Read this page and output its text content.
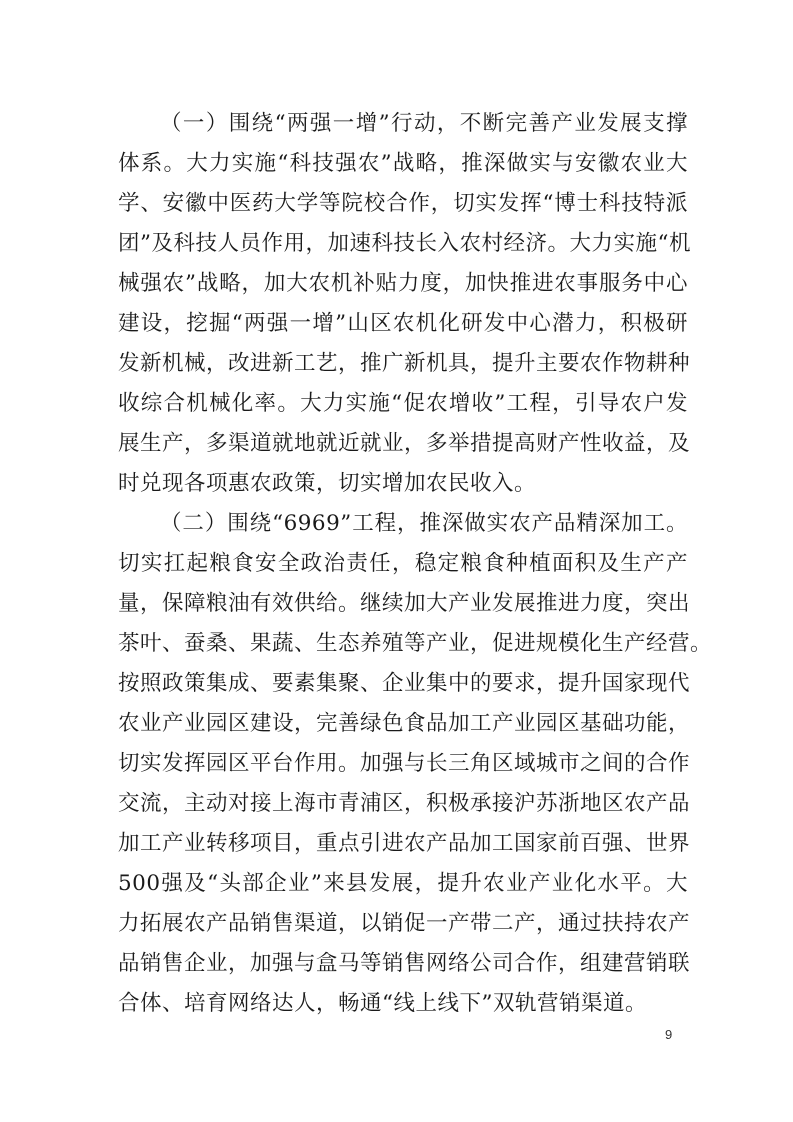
（一）围绕“两强一增”行动，不断完善产业发展支撑
体系。大力实施“科技强农”战略，推深做实与安徽农业大
学、安徽中医药大学等院校合作，切实发挥“博士科技特派
团”及科技人员作用，加速科技长入农村经济。大力实施“机
械强农”战略，加大农机补贴力度，加快推进农事服务中心
建设，挖掘“两强一增”山区农机化研发中心潜力，积极研
发新机械，改进新工艺，推广新机具，提升主要农作物耕种
收综合机械化率。大力实施“促农增收”工程，引导农户发
展生产，多渠道就地就近就业，多举措提高财产性收益，及
时兑现各项惠农政策，切实增加农民收入。
（二）围绕“6969”工程，推深做实农产品精深加工。
切实扛起粮食安全政治责任，稳定粮食种植面积及生产产
量，保障粮油有效供给。继续加大产业发展推进力度，突出
茶叶、蚕桑、果蔬、生态养殖等产业，促进规模化生产经营。
按照政策集成、要素集聚、企业集中的要求，提升国家现代
农业产业园区建设，完善绿色食品加工产业园区基础功能，
切实发挥园区平台作用。加强与长三角区域城市之间的合作
交流，主动对接上海市青浦区，积极承接沪苏浙地区农产品
加工产业转移项目，重点引进农产品加工国家前百强、世界
500强及“头部企业”来县发展，提升农业产业化水平。大
力拓展农产品销售渠道，以销促一产带二产，通过扶持农产
品销售企业，加强与盒马等销售网络公司合作，组建营销联
合体、培育网络达人，畅通“线上线下”双轨营销渠道。
9
